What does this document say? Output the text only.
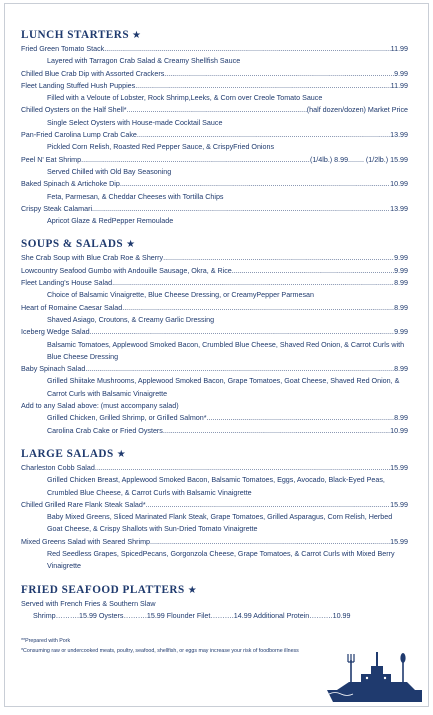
LUNCH STARTERS ★
Fried Green Tomato Stack .....	11.99
Layered with Tarragon Crab Salad & Creamy Shellfish Sauce
Chilled Blue Crab Dip with Assorted Crackers .....	9.99
Fleet Landing Stuffed Hush Puppies .....	11.99
Filled with a Veloute of Lobster, Rock Shrimp,Leeks, & Corn over Creole Tomato Sauce
Chilled Oysters on the Half Shell* .....	(half dozen/dozen) Market Price
Single Select Oysters with House-made Cocktail Sauce
Pan-Fried Carolina Lump Crab Cake .....	13.99
Pickled Corn Relish, Roasted Red Pepper Sauce, & CrispyFried Onions
Peel N' Eat Shrimp .....	(1/4lb.) 8.99........ (1/2lb.) 15.99
Served Chilled with Old Bay Seasoning
Baked Spinach & Artichoke Dip .....	10.99
Feta, Parmesan, & Cheddar Cheeses with Tortilla Chips
Crispy Steak Calamari .....	13.99
Apricot Glaze & RedPepper Remoulade
SOUPS & SALADS ★
She Crab Soup with Blue Crab Roe & Sherry .....	9.99
Lowcountry Seafood Gumbo with Andouille Sausage, Okra, & Rice .....	9.99
Fleet Landing's House Salad .....	8.99
Choice of Balsamic Vinaigrette, Blue Cheese Dressing, or CreamyPepper Parmesan
Heart of Romaine Caesar Salad .....	8.99
Shaved Asiago, Croutons, & Creamy Garlic Dressing
Iceberg Wedge Salad .....	9.99
Balsamic Tomatoes, Applewood Smoked Bacon, Crumbled Blue Cheese, Shaved Red Onion, & Carrot Curls with Blue Cheese Dressing
Baby Spinach Salad .....	8.99
Grilled Shiitake Mushrooms, Applewood Smoked Bacon, Grape Tomatoes, Goat Cheese, Shaved Red Onion, & Carrot Curls with Balsamic Vinaigrette
Add to any Salad above: (must accompany salad)
Grilled Chicken, Grilled Shrimp, or Grilled Salmon* .....	8.99
Carolina Crab Cake or Fried Oysters .....	10.99
LARGE SALADS ★
Charleston Cobb Salad .....	15.99
Grilled Chicken Breast, Applewood Smoked Bacon, Balsamic Tomatoes, Eggs, Avocado, Black-Eyed Peas, Crumbled Blue Cheese, & Carrot Curls with Balsamic Vinaigrette
Chilled Grilled Rare Flank Steak Salad* .....	15.99
Baby Mixed Greens, Sliced Marinated Flank Steak, Grape Tomatoes, Grilled Asparagus, Corn Relish, Herbed Goat Cheese, & Crispy Shallots with Sun-Dried Tomato Vinaigrette
Mixed Greens Salad with Seared Shrimp .....	15.99
Red Seedless Grapes, SpicedPecans, Gorgonzola Cheese, Grape Tomatoes, & Carrot Curls with Mixed Berry Vinaigrette
FRIED SEAFOOD PLATTERS ★
Served with French Fries & Southern Slaw
Shrimp……….15.99 Oysters……….15.99 Flounder Filet……….14.99 Additional Protein……….10.99
**Prepared with Pork
*Consuming raw or undercooked meats, poultry, seafood, shellfish, or eggs may increase your risk of foodborne illness
